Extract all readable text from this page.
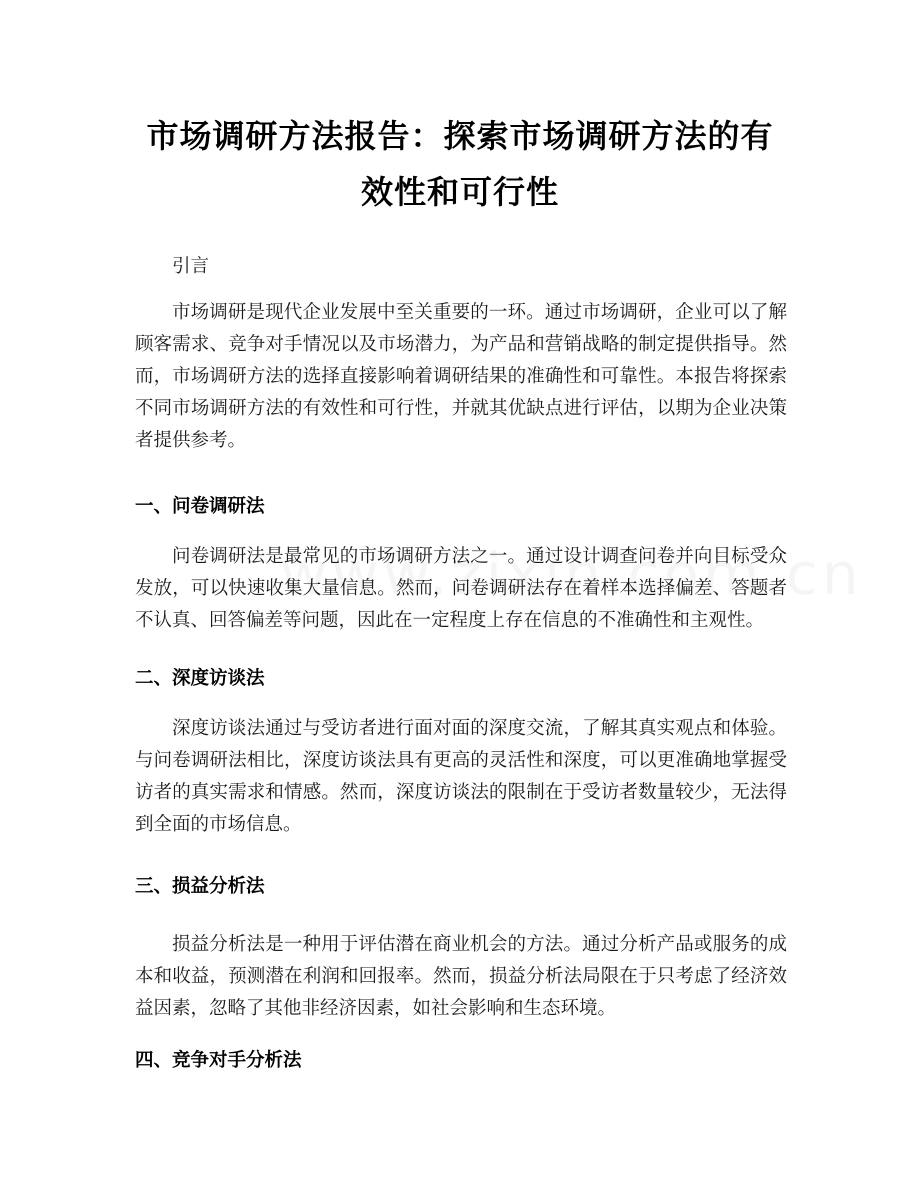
市场调研方法报告：探索市场调研方法的有效性和可行性

引言

市场调研是现代企业发展中至关重要的一环。通过市场调研，企业可以了解顾客需求、竞争对手情况以及市场潜力，为产品和营销战略的制定提供指导。然而，市场调研方法的选择直接影响着调研结果的准确性和可靠性。本报告将探索不同市场调研方法的有效性和可行性，并就其优缺点进行评估，以期为企业决策者提供参考。

一、问卷调研法

问卷调研法是最常见的市场调研方法之一。通过设计调查问卷并向目标受众发放，可以快速收集大量信息。然而，问卷调研法存在着样本选择偏差、答题者不认真、回答偏差等问题，因此在一定程度上存在信息的不准确性和主观性。

二、深度访谈法

深度访谈法通过与受访者进行面对面的深度交流，了解其真实观点和体验。与问卷调研法相比，深度访谈法具有更高的灵活性和深度，可以更准确地掌握受访者的真实需求和情感。然而，深度访谈法的限制在于受访者数量较少，无法得到全面的市场信息。

三、损益分析法

损益分析法是一种用于评估潜在商业机会的方法。通过分析产品或服务的成本和收益，预测潜在利润和回报率。然而，损益分析法局限在于只考虑了经济效益因素，忽略了其他非经济因素，如社会影响和生态环境。

四、竞争对手分析法
